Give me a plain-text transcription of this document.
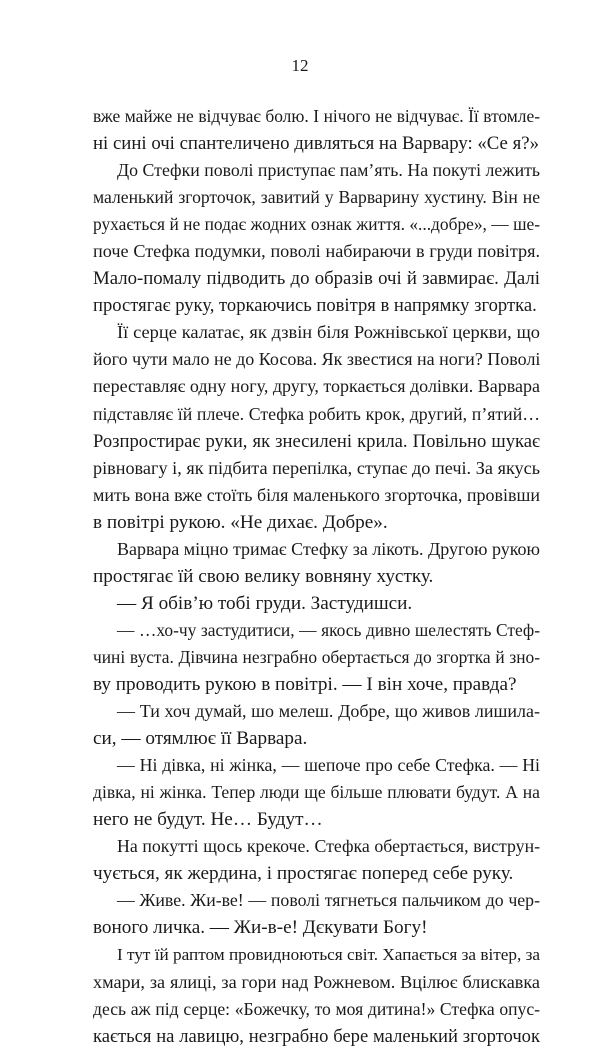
12
вже майже не відчуває болю. І нічого не відчуває. Її втомле-
ні сині очі спантеличено дивляться на Варвару: «Се я?»
До Стефки поволі приступає пам’ять. На покуті лежить
маленький згорточок, завитий у Варварину хустину. Він не
рухається й не подає жодних ознак життя. «...добре», — ше-
поче Стефка подумки, поволі набираючи в груди повітря.
Мало-помалу підводить до образів очі й завмирає. Далі
простягає руку, торкаючись повітря в напрямку згортка.
Її серце калатає, як дзвін біля Рожнівської церкви, що
його чути мало не до Косова. Як звестися на ноги? Поволі
переставляє одну ногу, другу, торкається долівки. Варвара
підставляє їй плече. Стефка робить крок, другий, п’ятий…
Розпростирає руки, як знесилені крила. Повільно шукає
рівновагу і, як підбита перепілка, ступає до печі. За якусь
мить вона вже стоїть біля маленького згорточка, провівши
в повітрі рукою. «Не дихає. Добре».
Варвара міцно тримає Стефку за лікоть. Другою рукою
простягає їй свою велику вовняну хустку.
— Я обів’ю тобі груди. Застудишси.
— …хо-чу застудитиси, — якось дивно шелестять Стеф-
чині вуста. Дівчина незграбно обертається до згортка й зно-
ву проводить рукою в повітрі. — І він хоче, правда?
— Ти хоч думай, шо мелеш. Добре, що живов лишила-
си, — отямлює її Варвара.
— Ні дівка, ні жінка, — шепоче про себе Стефка. — Ні
дівка, ні жінка. Тепер люди ще більше плювати будут. А на
него не будут. Не… Будут…
На покутті щось крекоче. Стефка обертається, виструн-
чується, як жердина, і простягає поперед себе руку.
— Живе. Жи-ве! — поволі тягнеться пальчиком до чер-
воного личка. — Жи-в-е! Дєкувати Богу!
І тут їй раптом провидноються світ. Хапається за вітер, за
хмари, за ялиці, за гори над Рожневом. Вцілює блискавка
десь аж під серце: «Божечку, то моя дитина!» Стефка опус-
кається на лавицю, незграбно бере маленький згорточок
